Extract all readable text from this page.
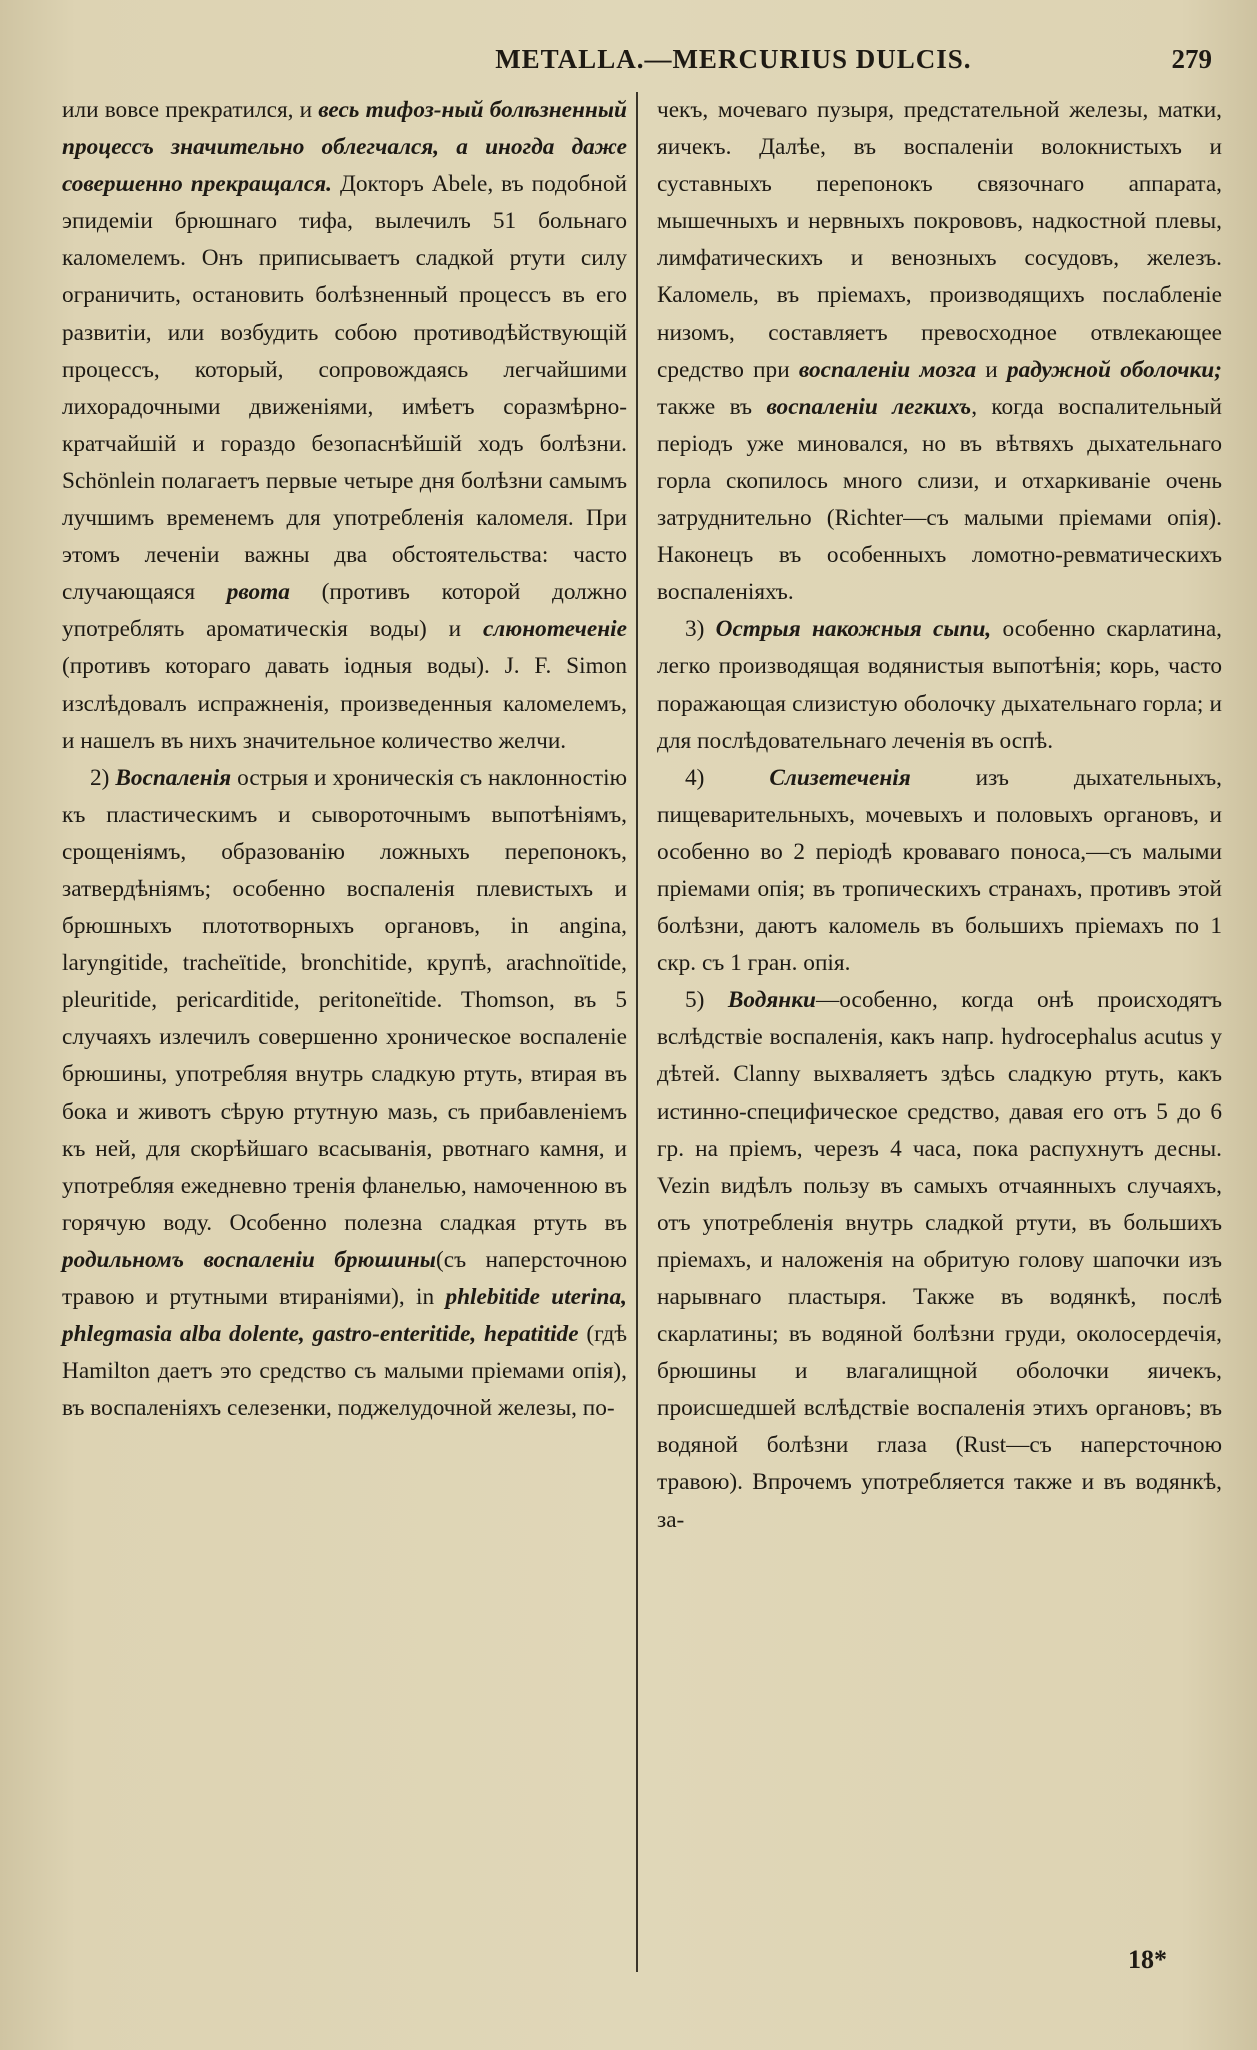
METALLA.—MERCURIUS DULCIS.	279

или вовсе прекратился, и весь тифоз-ный болѣзненный процессъ значительно облегчался, а иногда даже совершенно прекращался. Докторъ Abele, въ подобной эпидеміи брюшнаго тифа, вылечилъ 51 больнаго каломелемъ. Онъ приписываетъ сладкой ртути силу ограничить, остановить болѣзненный процессъ въ его развитіи, или возбудить собою противодѣйствующій процессъ, который, сопровождаясь легчайшими лихорадочными движеніями, имѣетъ соразмѣрно-кратчайшій и гораздо безопаснѣйшій ходъ болѣзни. Schönlein полагаетъ первые четыре дня болѣзни самымъ лучшимъ временемъ для употребленія каломеля. При этомъ леченіи важны два обстоятельства: часто случающаяся рвота (противъ которой должно употреблять ароматическія воды) и слюнотеченіе (противъ котораго давать іодныя воды). J. F. Simon изслѣдовалъ испражненія, произведенныя каломелемъ, и нашелъ въ нихъ значительное количество желчи.

2) Воспаленія острыя и хроническія съ наклонностію къ пластическимъ и сывороточнымъ выпотѣніямъ, срощеніямъ, образованію ложныхъ перепонокъ, затвердѣніямъ; особенно воспаленія плевистыхъ и брюшныхъ плототворныхъ органовъ, in angina, laryngitide, tracheïtide, bronchitide, крупѣ, arachnoïtide, pleuritide, pericarditide, peritoneïtide. Thomson, въ 5 случаяхъ излечилъ совершенно хроническое воспаленіе брюшины, употребляя внутрь сладкую ртуть, втирая въ бока и животъ сѣрую ртутную мазь, съ прибавленіемъ къ ней, для скорѣйшаго всасыванія, рвотнаго камня, и употребляя ежедневно тренія фланелью, намоченною въ горячую воду. Особенно полезна сладкая ртуть въ родильномъ воспаленіи брюшины(съ наперсточною травою и ртутными втираніями), in phlebitide uterina, phlegmasia alba dolente, gastro-enteritide, hepatitide (гдѣ Hamilton даетъ это средство съ малыми пріемами опія), въ воспаленіяхъ селезенки, поджелудочной железы, по-

чекъ, мочеваго пузыря, предстательной железы, матки, яичекъ. Далѣе, въ воспаленіи волокнистыхъ и суставныхъ перепонокъ связочнаго аппарата, мышечныхъ и нервныхъ покрововъ, надкостной плевы, лимфатическихъ и венозныхъ сосудовъ, железъ. Каломель, въ пріемахъ, производящихъ послабленіе низомъ, составляетъ превосходное отвлекающее средство при воспаленіи мозга и радужной оболочки; также въ воспаленіи легкихъ, когда воспалительный періодъ уже миновался, но въ вѣтвяхъ дыхательнаго горла скопилось много слизи, и отхаркиваніе очень затруднительно (Richter—съ малыми пріемами опія). Наконецъ въ особенныхъ ломотно-ревматическихъ воспаленіяхъ.

3) Острыя накожныя сыпи, особенно скарлатина, легко производящая водянистыя выпотѣнія; корь, часто поражающая слизистую оболочку дыхательнаго горла; и для послѣдовательнаго леченія въ оспѣ.

4) Слизетеченія изъ дыхательныхъ, пищеварительныхъ, мочевыхъ и половыхъ органовъ, и особенно во 2 періодѣ кроваваго поноса,—съ малыми пріемами опія; въ тропическихъ странахъ, противъ этой болѣзни, даютъ каломель въ большихъ пріемахъ по 1 скр. съ 1 гран. опія.

5) Водянки—особенно, когда онѣ происходятъ вслѣдствіе воспаленія, какъ напр. hydrocephalus acutus у дѣтей. Clanny выхваляетъ здѣсь сладкую ртуть, какъ истинно-специфическое средство, давая его отъ 5 до 6 гр. на пріемъ, черезъ 4 часа, пока распухнутъ десны. Vezin видѣлъ пользу въ самыхъ отчаянныхъ случаяхъ, отъ употребленія внутрь сладкой ртути, въ большихъ пріемахъ, и наложенія на обритую голову шапочки изъ нарывнаго пластыря. Также въ водянкѣ, послѣ скарлатины; въ водяной болѣзни груди, околосердечія, брюшины и влагалищной оболочки яичекъ, происшедшей вслѣдствіе воспаленія этихъ органовъ; въ водяной болѣзни глаза (Rust—съ наперсточною травою). Впрочемъ употребляется также и въ водянкѣ, за-

18*
